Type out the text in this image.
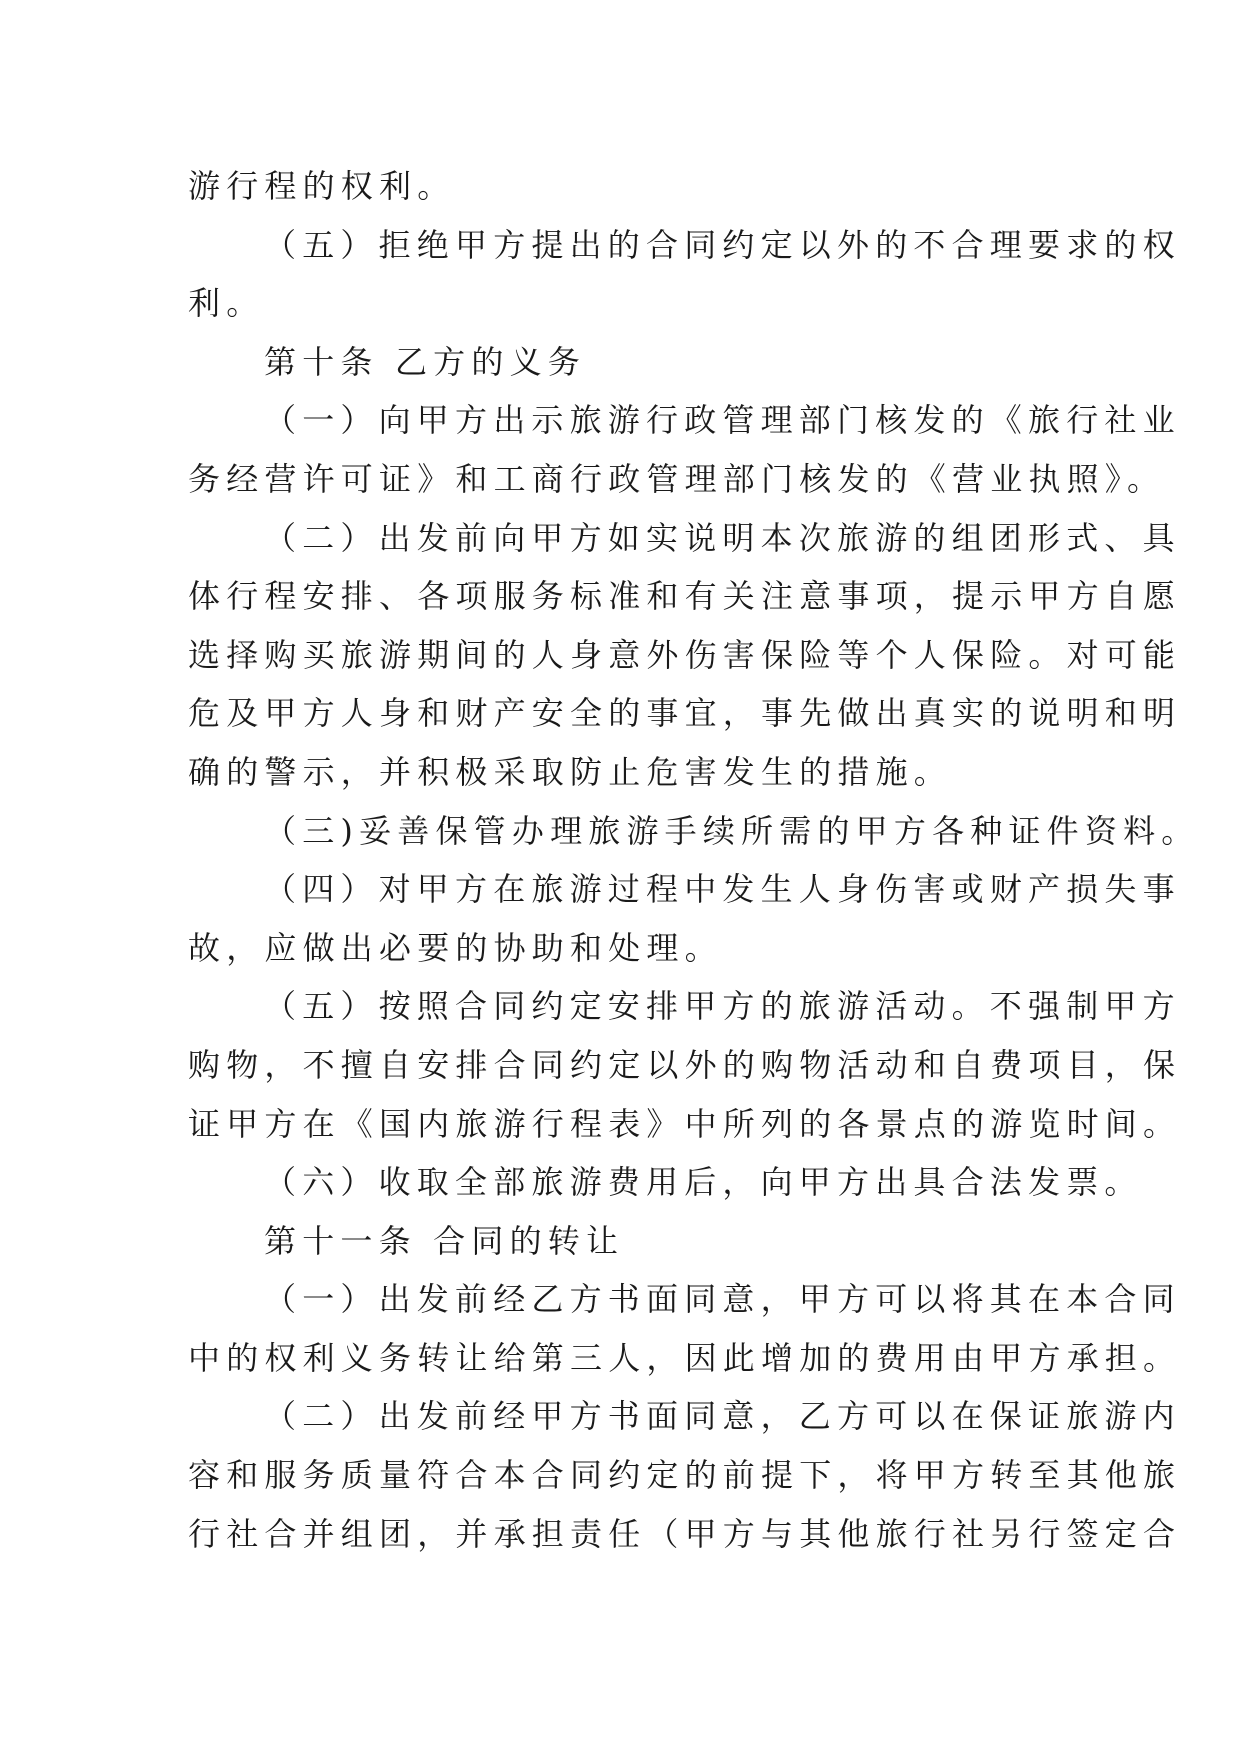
游行程的权利。
（五）拒绝甲方提出的合同约定以外的不合理要求的权
利。
第十条 乙方的义务
（一）向甲方出示旅游行政管理部门核发的《旅行社业
务经营许可证》和工商行政管理部门核发的《营业执照》。
（二）出发前向甲方如实说明本次旅游的组团形式、具
体行程安排、各项服务标准和有关注意事项，提示甲方自愿
选择购买旅游期间的人身意外伤害保险等个人保险。对可能
危及甲方人身和财产安全的事宜，事先做出真实的说明和明
确的警示，并积极采取防止危害发生的措施。
（三)妥善保管办理旅游手续所需的甲方各种证件资料。
（四）对甲方在旅游过程中发生人身伤害或财产损失事
故，应做出必要的协助和处理。
（五）按照合同约定安排甲方的旅游活动。不强制甲方
购物，不擅自安排合同约定以外的购物活动和自费项目，保
证甲方在《国内旅游行程表》中所列的各景点的游览时间。
（六）收取全部旅游费用后，向甲方出具合法发票。
第十一条 合同的转让
（一）出发前经乙方书面同意，甲方可以将其在本合同
中的权利义务转让给第三人，因此增加的费用由甲方承担。
（二）出发前经甲方书面同意，乙方可以在保证旅游内
容和服务质量符合本合同约定的前提下，将甲方转至其他旅
行社合并组团，并承担责任（甲方与其他旅行社另行签定合
